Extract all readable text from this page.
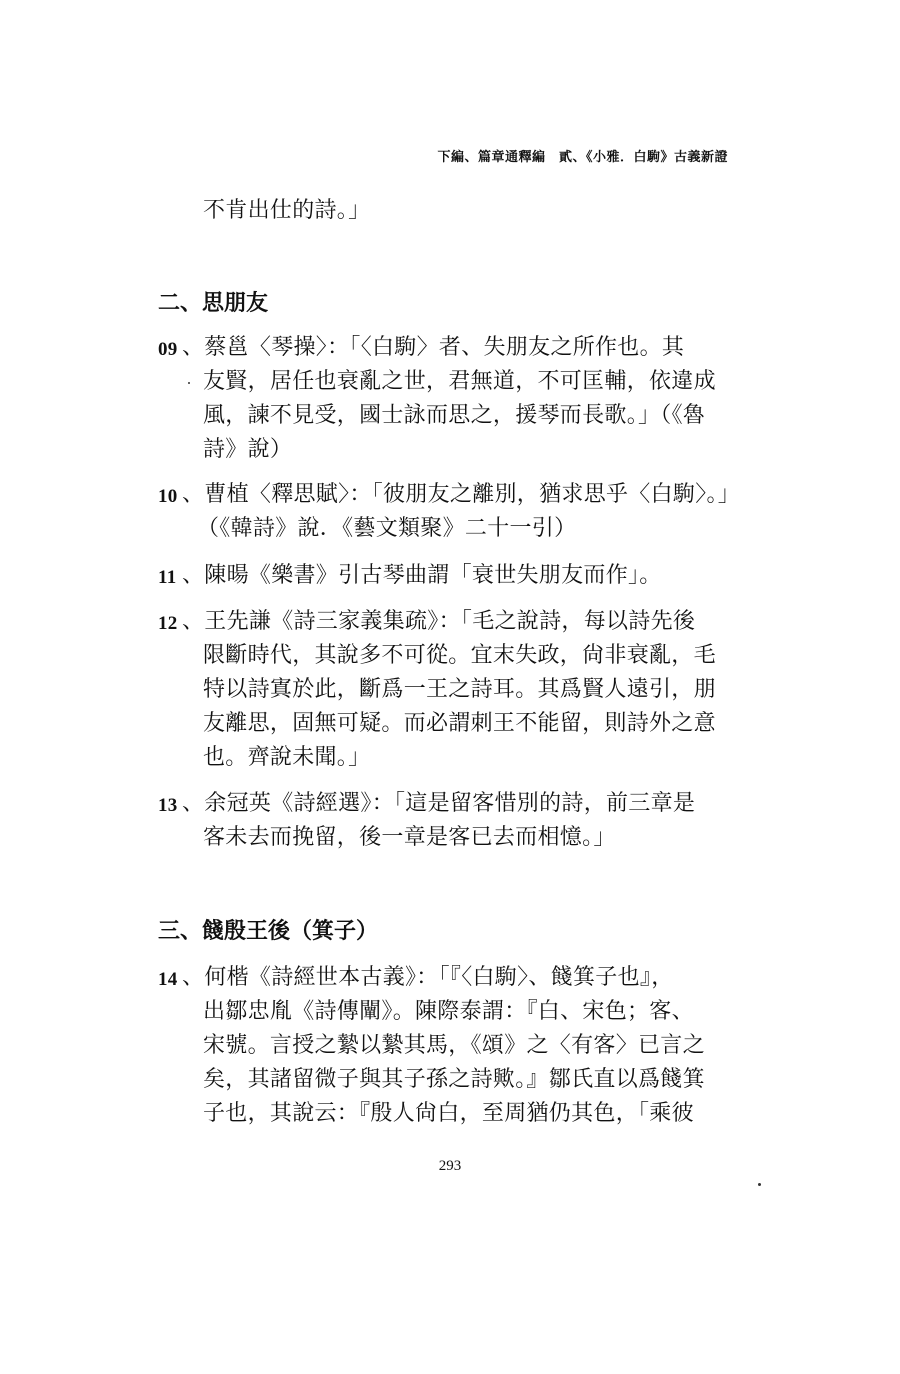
下編、篇章通釋編　貳、《小雅．白駒》古義新證
不肯出仕的詩。」
二、思朋友
09 、蔡邕〈琴操〉：「〈白駒〉者、失朋友之所作也。其
友賢，居任也衰亂之世，君無道，不可匡輔，依違成
風，諫不見受，國士詠而思之，援琴而長歌。」（《魯
詩》說）
10 、曹植〈釋思賦〉：「彼朋友之離別，猶求思乎〈白駒〉。」
（《韓詩》說．《藝文類聚》二十一引）
11 、陳暘《樂書》引古琴曲謂「衰世失朋友而作」。
12 、王先謙《詩三家義集疏》：「毛之說詩，每以詩先後
限斷時代，其說多不可從。宜末失政，尙非衰亂，毛
特以詩寘於此，斷爲一王之詩耳。其爲賢人遠引，朋
友離思，固無可疑。而必謂刺王不能留，則詩外之意
也。齊說未聞。」
13 、余冠英《詩經選》：「這是留客惜別的詩，前三章是
客未去而挽留，後一章是客已去而相憶。」
三、餞殷王後（箕子）
14 、何楷《詩經世本古義》：「『〈白駒〉、餞箕子也』，
出鄒忠胤《詩傳闡》。陳際泰謂：『白、宋色；客、
宋號。言授之縶以縶其馬，《頌》之〈有客〉已言之
矣，其諸留微子與其子孫之詩歟。』鄒氏直以爲餞箕
子也，其說云：『殷人尙白，至周猶仍其色，「乘彼
293
